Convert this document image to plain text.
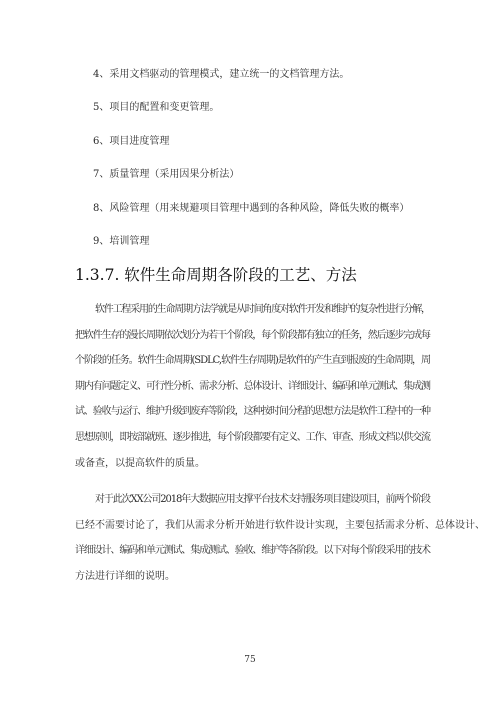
4、采用文档驱动的管理模式，建立统一的文档管理方法。
5、项目的配置和变更管理。
6、项目进度管理
7、质量管理（采用因果分析法）
8、风险管理（用来规避项目管理中遇到的各种风险，降低失败的概率）
9、培训管理
1.3.7. 软件生命周期各阶段的工艺、方法
软件工程采用的生命周期方法学就是从时间角度对软件开发和维护的复杂性进行分解，
把软件生存的漫长周期依次划分为若干个阶段，每个阶段都有独立的任务，然后逐步完成每
个阶段的任务。软件生命周期(SDLC,软件生存周期)是软件的产生直到报废的生命周期，周
期内有问题定义、可行性分析、需求分析、总体设计、详细设计、编码和单元测试、集成测
试、验收与运行、维护升级到废弃等阶段，这种按时间分程的思想方法是软件工程中的一种
思想原则，即按部就班、逐步推进，每个阶段都要有定义、工作、审查、形成文档以供交流
或备查，以提高软件的质量。
对于此次XX公司2018年大数据应用支撑平台技术支持服务项目建设项目，前两个阶段
已经不需要讨论了，我们从需求分析开始进行软件设计实现，主要包括需求分析、总体设计、
详细设计、编码和单元测试、集成测试、验收、维护等各阶段。以下对每个阶段采用的技术
方法进行详细的说明。
75
